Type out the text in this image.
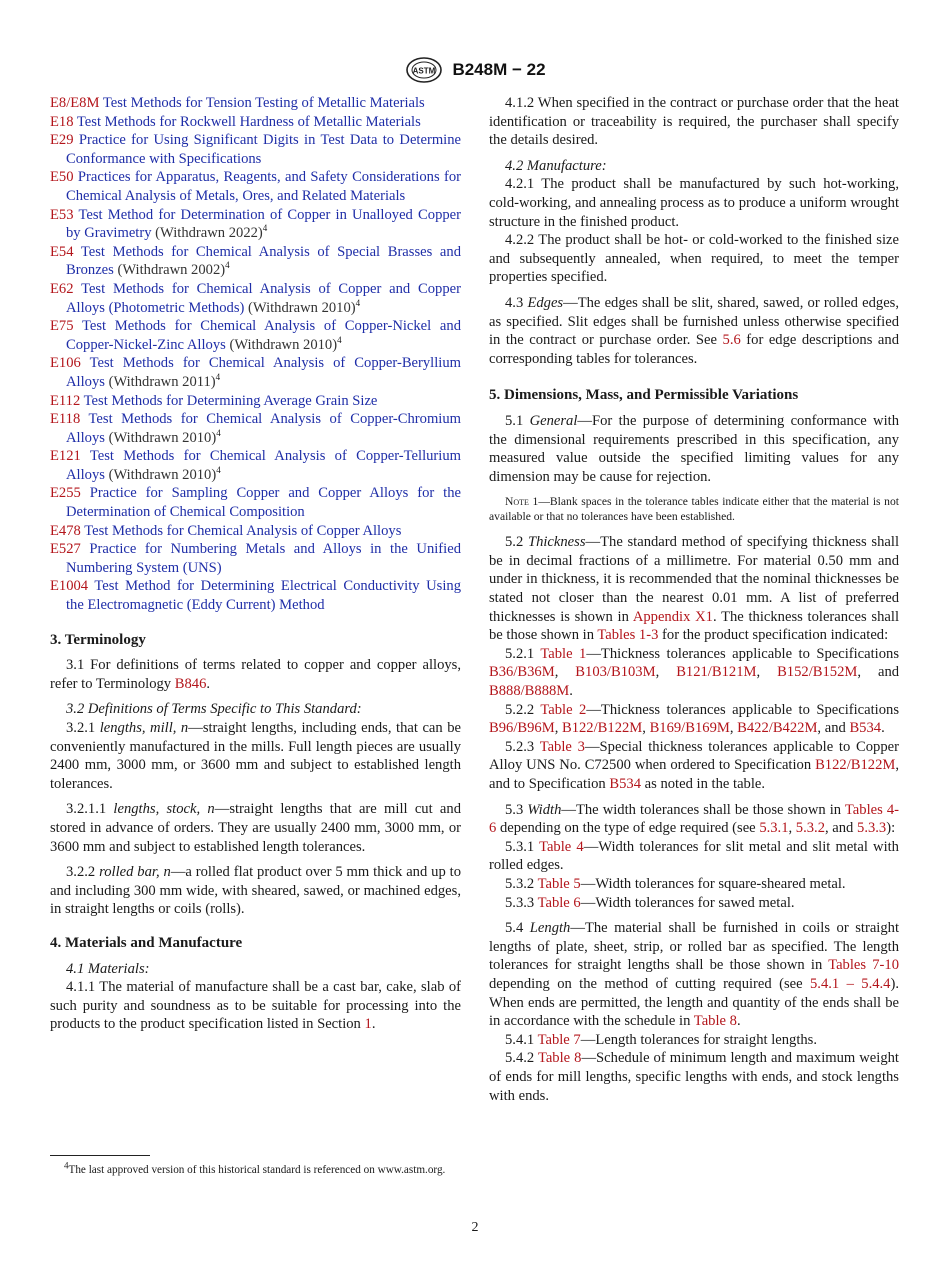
ASTM B248M − 22
E8/E8M Test Methods for Tension Testing of Metallic Materials
E18 Test Methods for Rockwell Hardness of Metallic Materials
E29 Practice for Using Significant Digits in Test Data to Determine Conformance with Specifications
E50 Practices for Apparatus, Reagents, and Safety Considerations for Chemical Analysis of Metals, Ores, and Related Materials
E53 Test Method for Determination of Copper in Unalloyed Copper by Gravimetry (Withdrawn 2022)$^4$
E54 Test Methods for Chemical Analysis of Special Brasses and Bronzes (Withdrawn 2002)$^4$
E62 Test Methods for Chemical Analysis of Copper and Copper Alloys (Photometric Methods) (Withdrawn 2010)$^4$
E75 Test Methods for Chemical Analysis of Copper-Nickel and Copper-Nickel-Zinc Alloys (Withdrawn 2010)$^4$
E106 Test Methods for Chemical Analysis of Copper-Beryllium Alloys (Withdrawn 2011)$^4$
E112 Test Methods for Determining Average Grain Size
E118 Test Methods for Chemical Analysis of Copper-Chromium Alloys (Withdrawn 2010)$^4$
E121 Test Methods for Chemical Analysis of Copper-Tellurium Alloys (Withdrawn 2010)$^4$
E255 Practice for Sampling Copper and Copper Alloys for the Determination of Chemical Composition
E478 Test Methods for Chemical Analysis of Copper Alloys
E527 Practice for Numbering Metals and Alloys in the Unified Numbering System (UNS)
E1004 Test Method for Determining Electrical Conductivity Using the Electromagnetic (Eddy Current) Method
3. Terminology

3.1 For definitions of terms related to copper and copper alloys, refer to Terminology B846.

3.2 Definitions of Terms Specific to This Standard:

3.2.1 lengths, mill, n—straight lengths, including ends, that can be conveniently manufactured in the mills. Full length pieces are usually 2400 mm, 3000 mm, or 3600 mm and subject to established length tolerances.

3.2.1.1 lengths, stock, n—straight lengths that are mill cut and stored in advance of orders. They are usually 2400 mm, 3000 mm, or 3600 mm and subject to established length tolerances.

3.2.2 rolled bar, n—a rolled flat product over 5 mm thick and up to and including 300 mm wide, with sheared, sawed, or machined edges, in straight lengths or coils (rolls).

4. Materials and Manufacture

4.1 Materials:

4.1.1 The material of manufacture shall be a cast bar, cake, slab of such purity and soundness as to be suitable for processing into the products to the product specification listed in Section 1.

4.1.2 When specified in the contract or purchase order that the heat identification or traceability is required, the purchaser shall specify the details desired.

4.2 Manufacture:

4.2.1 The product shall be manufactured by such hot-working, cold-working, and annealing process as to produce a uniform wrought structure in the finished product.

4.2.2 The product shall be hot- or cold-worked to the finished size and subsequently annealed, when required, to meet the temper properties specified.

4.3 Edges—The edges shall be slit, shared, sawed, or rolled edges, as specified. Slit edges shall be furnished unless otherwise specified in the contract or purchase order. See 5.6 for edge descriptions and corresponding tables for tolerances.

5. Dimensions, Mass, and Permissible Variations

5.1 General—For the purpose of determining conformance with the dimensional requirements prescribed in this specification, any measured value outside the specified limiting values for any dimension may be cause for rejection.

Note 1—Blank spaces in the tolerance tables indicate either that the material is not available or that no tolerances have been established.

5.2 Thickness—The standard method of specifying thickness shall be in decimal fractions of a millimetre. For material 0.50 mm and under in thickness, it is recommended that the nominal thicknesses be stated not closer than the nearest 0.01 mm. A list of preferred thicknesses is shown in Appendix X1. The thickness tolerances shall be those shown in Tables 1-3 for the product specification indicated:

5.2.1 Table 1—Thickness tolerances applicable to Specifications B36/B36M, B103/B103M, B121/B121M, B152/B152M, and B888/B888M.

5.2.2 Table 2—Thickness tolerances applicable to Specifications B96/B96M, B122/B122M, B169/B169M, B422/B422M, and B534.

5.2.3 Table 3—Special thickness tolerances applicable to Copper Alloy UNS No. C72500 when ordered to Specification B122/B122M, and to Specification B534 as noted in the table.

5.3 Width—The width tolerances shall be those shown in Tables 4-6 depending on the type of edge required (see 5.3.1, 5.3.2, and 5.3.3):

5.3.1 Table 4—Width tolerances for slit metal and slit metal with rolled edges.

5.3.2 Table 5—Width tolerances for square-sheared metal.

5.3.3 Table 6—Width tolerances for sawed metal.

5.4 Length—The material shall be furnished in coils or straight lengths of plate, sheet, strip, or rolled bar as specified. The length tolerances for straight lengths shall be those shown in Tables 7-10 depending on the method of cutting required (see 5.4.1 – 5.4.4). When ends are permitted, the length and quantity of the ends shall be in accordance with the schedule in Table 8.

5.4.1 Table 7—Length tolerances for straight lengths.

5.4.2 Table 8—Schedule of minimum length and maximum weight of ends for mill lengths, specific lengths with ends, and stock lengths with ends.

$^4$The last approved version of this historical standard is referenced on www.astm.org.
2
